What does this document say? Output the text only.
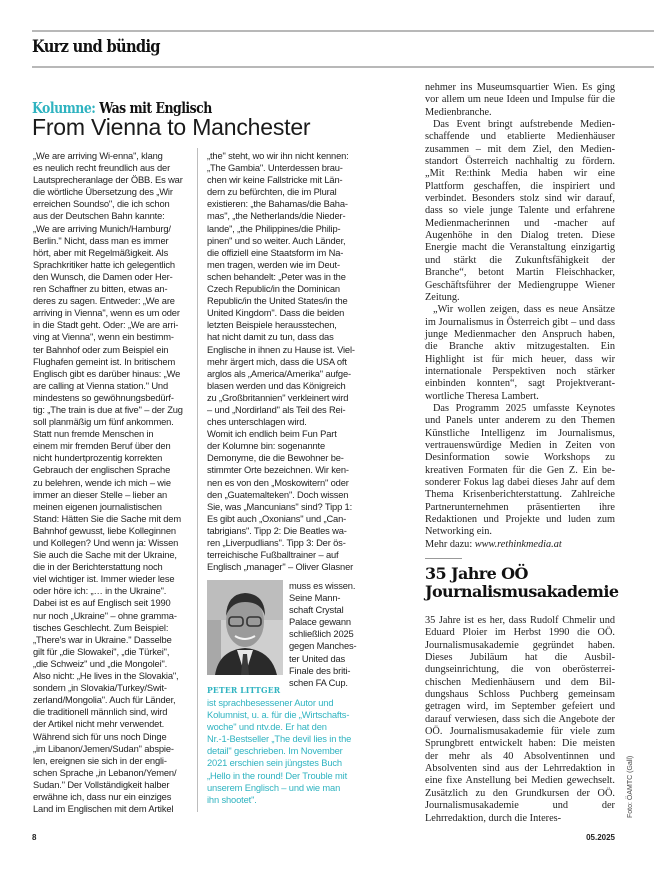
Kurz und bündig
Kolumne: Was mit Englisch
From Vienna to Manchester
„We are arriving Wi-enna", klang
es neulich recht freundlich aus der
Lautsprecheranlage der ÖBB. Es war
die wörtliche Übersetzung des „Wir
erreichen Soundso", die ich schon
aus der Deutschen Bahn kannte:
„We are arriving Munich/Hamburg/
Berlin." Nicht, dass man es immer
hört, aber mit Regelmäßigkeit. Als
Sprachkritiker hatte ich gelegentlich
den Wunsch, die Damen oder Her-
ren Schaffner zu bitten, etwas an-
deres zu sagen. Entweder: „We are
arriving in Vienna", wenn es um oder
in die Stadt geht. Oder: „We are arri-
ving at Vienna", wenn ein bestimm-
ter Bahnhof oder zum Beispiel ein
Flughafen gemeint ist. In britischem
Englisch gibt es darüber hinaus: „We
are calling at Vienna station." Und
mindestens so gewöhnungsbedürf-
tig: „The train is due at five" – der Zug
soll planmäßig um fünf ankommen.
Statt nun fremde Menschen in
einem mir fremden Beruf über den
nicht hundertprozentig korrekten
Gebrauch der englischen Sprache
zu belehren, wende ich mich – wie
immer an dieser Stelle – lieber an
meinen eigenen journalistischen
Stand: Hätten Sie die Sache mit dem
Bahnhof gewusst, liebe Kolleginnen
und Kollegen? Und wenn ja: Wissen
Sie auch die Sache mit der Ukraine,
die in der Berichterstattung noch
viel wichtiger ist. Immer wieder lese
oder höre ich: „… in the Ukraine".
Dabei ist es auf Englisch seit 1990
nur noch „Ukraine" – ohne gramma-
tisches Geschlecht. Zum Beispiel:
„There's war in Ukraine." Dasselbe
gilt für „die Slowakei", „die Türkei",
„die Schweiz" und „die Mongolei".
Also nicht: „He lives in the Slovakia",
sondern „in Slovakia/Turkey/Swit-
zerland/Mongolia". Auch für Länder,
die traditionell männlich sind, wird
der Artikel nicht mehr verwendet.
Während sich für uns noch Dinge
„im Libanon/Jemen/Sudan" abspie-
len, ereignen sie sich in der engli-
schen Sprache „in Lebanon/Yemen/
Sudan." Der Vollständigkeit halber
erwähne ich, dass nur ein einziges
Land im Englischen mit dem Artikel
„the" steht, wo wir ihn nicht kennen:
„The Gambia". Unterdessen brau-
chen wir keine Fallstricke mit Län-
dern zu befürchten, die im Plural
existieren: „the Bahamas/die Baha-
mas", „the Netherlands/die Nieder-
lande", „the Philippines/die Philip-
pinen" und so weiter. Auch Länder,
die offiziell eine Staatsform im Na-
men tragen, werden wie im Deut-
schen behandelt: „Peter was in the
Czech Republic/in the Dominican
Republic/in the United States/in the
United Kingdom". Dass die beiden
letzten Beispiele herausstechen,
hat nicht damit zu tun, dass das
Englische in ihnen zu Hause ist. Viel-
mehr ärgert mich, dass die USA oft
arglos als „America/Amerika" aufge-
blasen werden und das Königreich
zu „Großbritannien" verkleinert wird
– und „Nordirland" als Teil des Rei-
ches unterschlagen wird.
Womit ich endlich beim Fun Part
der Kolumne bin: sogenannte
Demonyme, die die Bewohner be-
stimmter Orte bezeichnen. Wir ken-
nen es von den „Moskowitern" oder
den „Guatemalteken". Doch wissen
Sie, was „Mancunians" sind? Tipp 1:
Es gibt auch „Oxonians" und „Can-
tabrigians". Tipp 2: Die Beatles wa-
ren „Liverpudlians". Tipp 3: Der ös-
terreichische Fußballtrainer – auf
Englisch „manager" – Oliver Glasner
muss es wissen.
Seine Mann-
schaft Crystal
Palace gewann
schließlich 2025
gegen Manches-
ter United das
Finale des briti-
schen FA Cup.
PETER LITTGER
ist sprachbesessener Autor und
Kolumnist, u. a. für die „Wirtschafts-
woche" und ntv.de. Er hat den
Nr.-1-Bestseller „The devil lies in the
detail" geschrieben. Im November
2021 erschien sein jüngstes Buch
„Hello in the round! Der Trouble mit
unserem Englisch – und wie man
ihn shootet".

nehmer ins Museumsquartier Wien. Es ging vor allem um neue Ideen und Impulse für die Medienbranche.

Das Event bringt aufstrebende Medienschaffende und etablierte Medienhäuser zusammen – mit dem Ziel, den Medienstandort Österreich nachhaltig zu fördern. „Mit Re:think Media haben wir eine Plattform geschaffen, die inspiriert und verbindet. Besonders stolz sind wir darauf, dass so viele junge Talente und erfahrene Medienmacherinnen und -macher auf Augenhöhe in den Dialog treten. Diese Energie macht die Veranstaltung einzigartig und stärkt die Zukunftsfähigkeit der Branche“, betont Martin Fleischhacker, Geschäftsführer der Mediengruppe Wiener Zeitung.

„Wir wollen zeigen, dass es neue Ansätze im Journalismus in Österreich gibt – und dass junge Medienmacher den Anspruch haben, die Branche aktiv mitzugestalten. Ein Highlight ist für mich heuer, dass wir internationale Perspektiven noch stärker einbinden konnten“, sagt Projektverantwortliche Theresa Lambert.

Das Programm 2025 umfasste Keynotes und Panels unter anderem zu den Themen Künstliche Intelligenz im Journalismus, vertrauenswürdige Medien in Zeiten von Desinformation sowie Workshops zu kreativen Formaten für die Gen Z. Ein besonderer Fokus lag dabei dieses Jahr auf dem Thema Krisenberichterstattung. Zahlreiche Partnerunternehmen präsentierten ihre Redaktionen und Projekte und luden zum Networking ein.

Mehr dazu: www.rethinkmedia.at

35 Jahre OÖ Journalismusakademie

35 Jahre ist es her, dass Rudolf Chmelir und Eduard Ploier im Herbst 1990 die OÖ. Journalismusakademie gegründet haben. Dieses Jubiläum hat die Ausbildungseinrichtung, die von oberösterreichischen Medienhäusern und dem Bildungshaus Schloss Puchberg gemeinsam getragen wird, im September gefeiert und darauf verwiesen, dass sich die Angebote der OÖ. Journalismusakademie für viele zum Sprungbrett entwickelt haben: Die meisten der mehr als 40 Absolventinnen und Absolventen sind aus der Lehrredaktion in eine fixe Anstellung bei Medien gewechselt. Zusätzlich zu den Grundkursen der OÖ. Journalismusakademie und der Lehrredaktion, durch die Interes-	Foto: ÖAMTC (Gall)
8	05.2025
